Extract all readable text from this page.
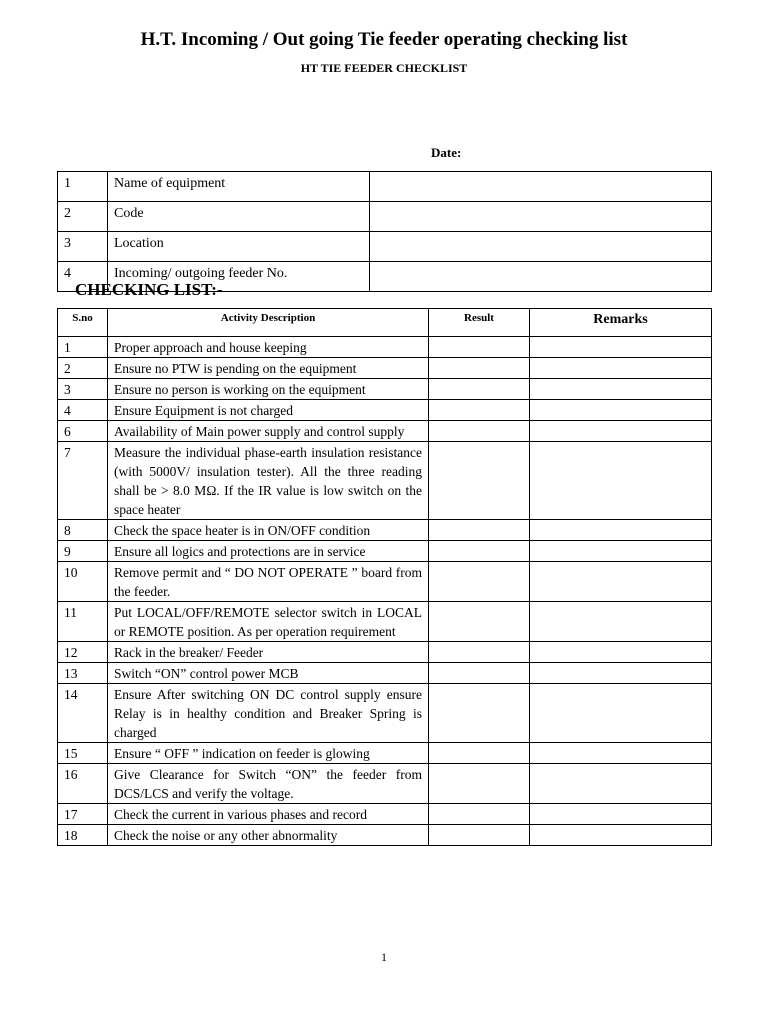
H.T. Incoming / Out going Tie feeder operating checking list
HT TIE FEEDER CHECKLIST
Date:
1	Name of equipment	
2	Code	
3	Location	
4	Incoming/ outgoing feeder No.	
CHECKING LIST:-
S.no	Activity Description	Result	Remarks
1	Proper approach and house keeping		
2	Ensure no PTW is pending on the equipment		
3	Ensure no person is working on the equipment		
4	Ensure Equipment is not charged		
6	Availability of Main power supply and control supply		
7	Measure the individual phase-earth insulation resistance (with 5000V/ insulation tester). All the three reading shall be > 8.0 MΩ. If the IR value is low switch on the space heater		
8	Check the space heater is in ON/OFF condition		
9	Ensure all logics and protections are in service		
10	Remove permit and “ DO NOT OPERATE ” board from the feeder.		
11	Put LOCAL/OFF/REMOTE selector switch in LOCAL or REMOTE position. As per operation requirement		
12	Rack in the breaker/ Feeder		
13	Switch “ON” control power MCB		
14	Ensure After switching ON DC control supply ensure Relay is in healthy condition and Breaker Spring is charged		
15	Ensure “ OFF ” indication on feeder is glowing		
16	Give Clearance for Switch “ON” the feeder from DCS/LCS and verify the voltage.		
17	Check the current in various phases and record		
18	Check the noise or any other abnormality		
1
